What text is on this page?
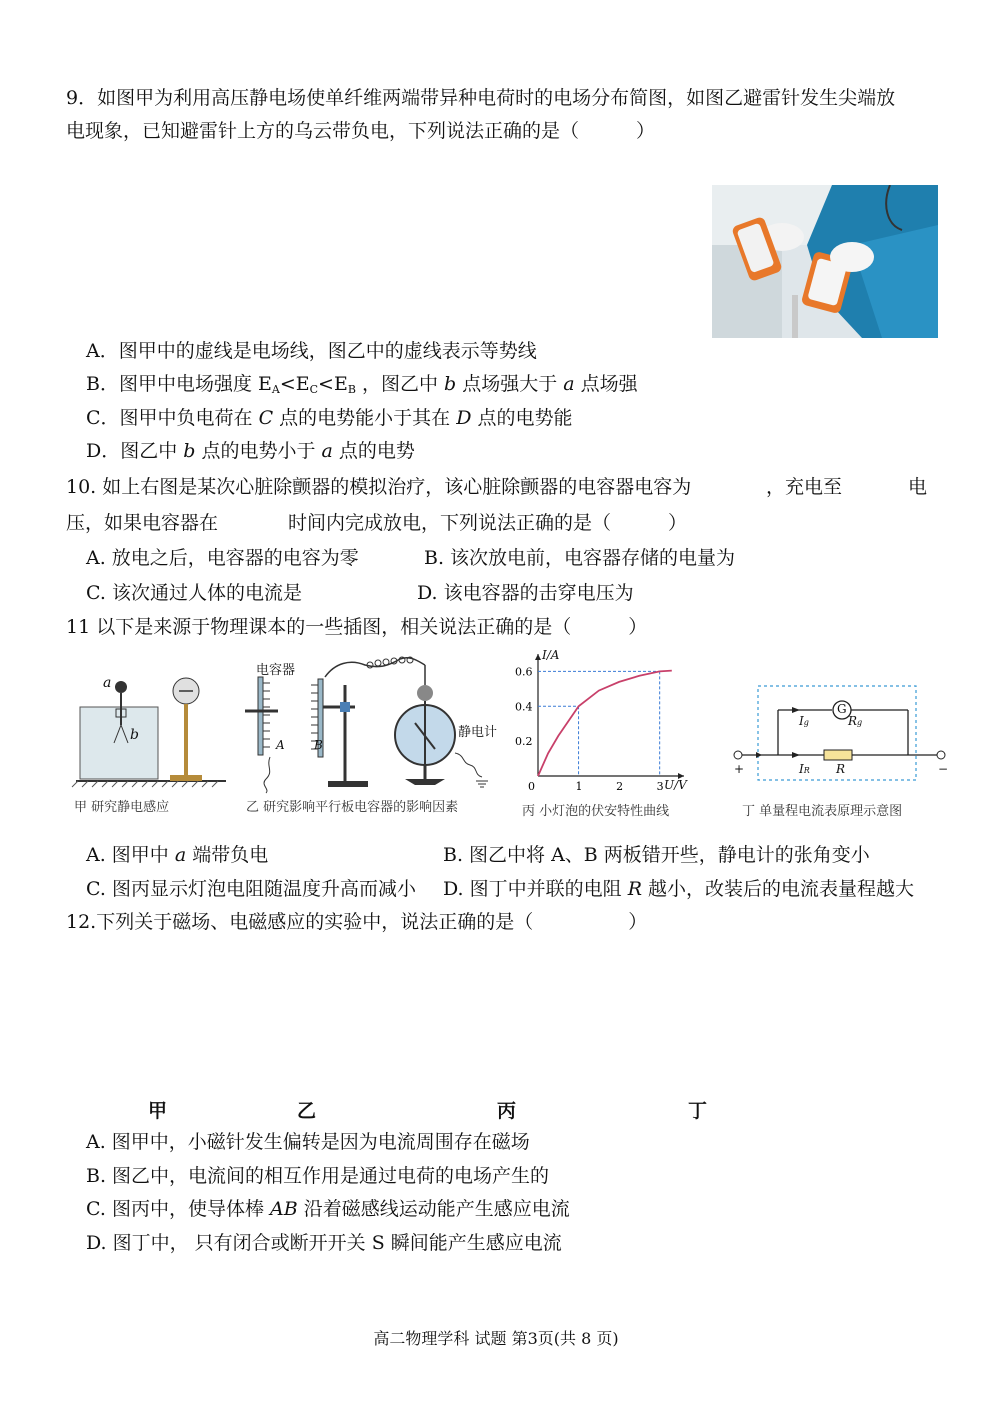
9．如图甲为利用高压静电场使单纤维两端带异种电荷时的电场分布简图，如图乙避雷针发生尖端放
电现象，已知避雷针上方的乌云带负电，下列说法正确的是（　　　）
A．图甲中的虚线是电场线，图乙中的虚线表示等势线
B．图甲中电场强度 $E_A<E_C<E_B$ ，图乙中 b 点场强大于 a 点场强
C．图甲中负电荷在 C 点的电势能小于其在 D 点的电势能
D．图乙中 b 点的电势小于 a 点的电势
10. 如上右图是某次心脏除颤器的模拟治疗，该心脏除颤器的电容器电容为	，充电至	电
压，如果电容器在	时间内完成放电，下列说法正确的是（　　　）
A. 放电之后，电容器的电容为零	B. 该次放电前，电容器存储的电量为
C. 该次通过人体的电流是	D. 该电容器的击穿电压为
11 以下是来源于物理课本的一些插图，相关说法正确的是（　　　）
a
b
甲 研究静电感应
电容器
静电计
A B
乙 研究影响平行板电容器的影响因素
0	1	2	3
0.2
0.4
0.6
I/A
U/V
丙 小灯泡的伏安特性曲线
G
Ig	Rg
IR R
+	−
丁 单量程电流表原理示意图
A. 图甲中 a 端带负电	B. 图乙中将 A、B 两板错开些，静电计的张角变小
C. 图丙显示灯泡电阻随温度升高而减小 D. 图丁中并联的电阻 R 越小，改装后的电流表量程越大
12.下列关于磁场、电磁感应的实验中，说法正确的是（　　　　　）
甲	乙	丙	丁
A. 图甲中，小磁针发生偏转是因为电流周围存在磁场
B. 图乙中，电流间的相互作用是通过电荷的电场产生的
C. 图丙中，使导体棒 AB 沿着磁感线运动能产生感应电流
D. 图丁中， 只有闭合或断开开关 S 瞬间能产生感应电流
高二物理学科 试题 第3页(共 8 页)
